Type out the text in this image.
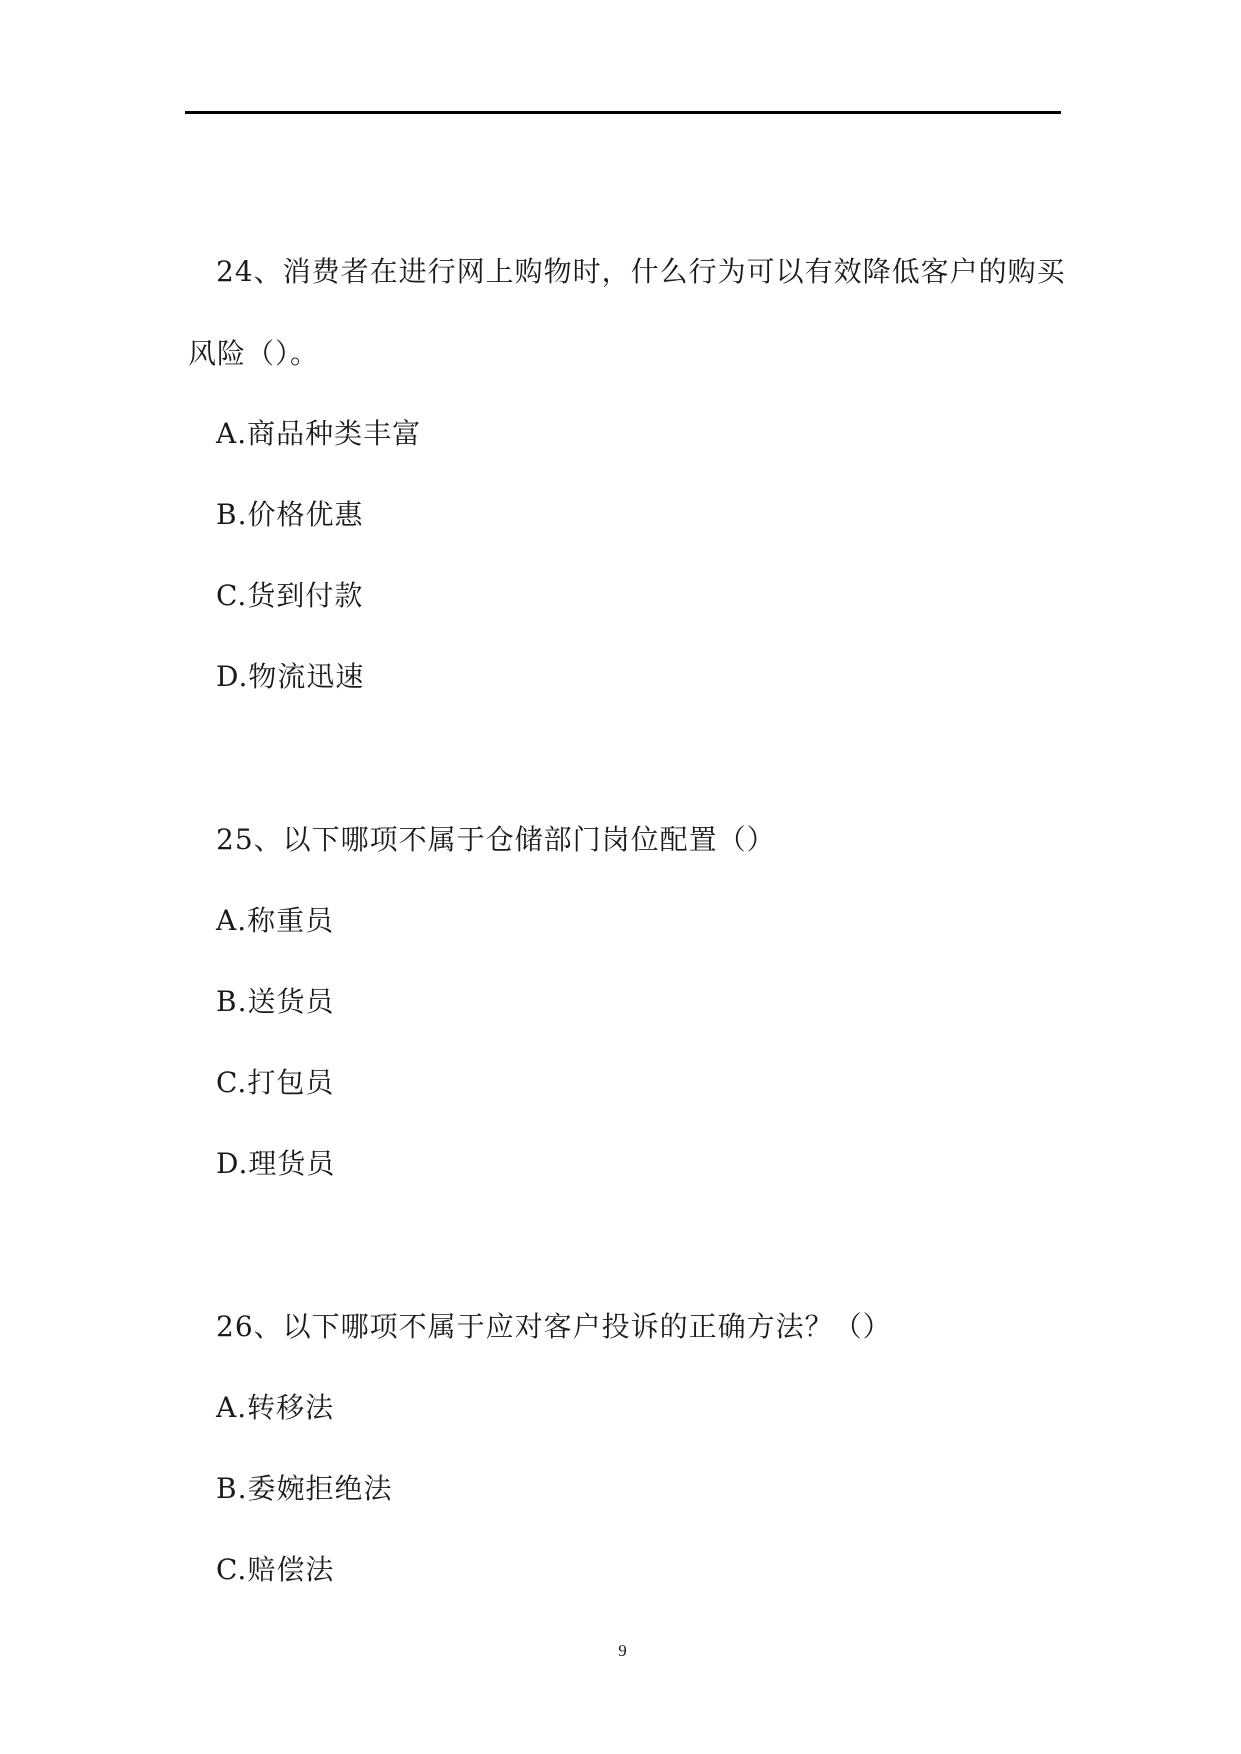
24、消费者在进行网上购物时，什么行为可以有效降低客户的购买
风险（）。
A.商品种类丰富
B.价格优惠
C.货到付款
D.物流迅速
25、以下哪项不属于仓储部门岗位配置（）
A.称重员
B.送货员
C.打包员
D.理货员
26、以下哪项不属于应对客户投诉的正确方法？（）
A.转移法
B.委婉拒绝法
C.赔偿法
9
